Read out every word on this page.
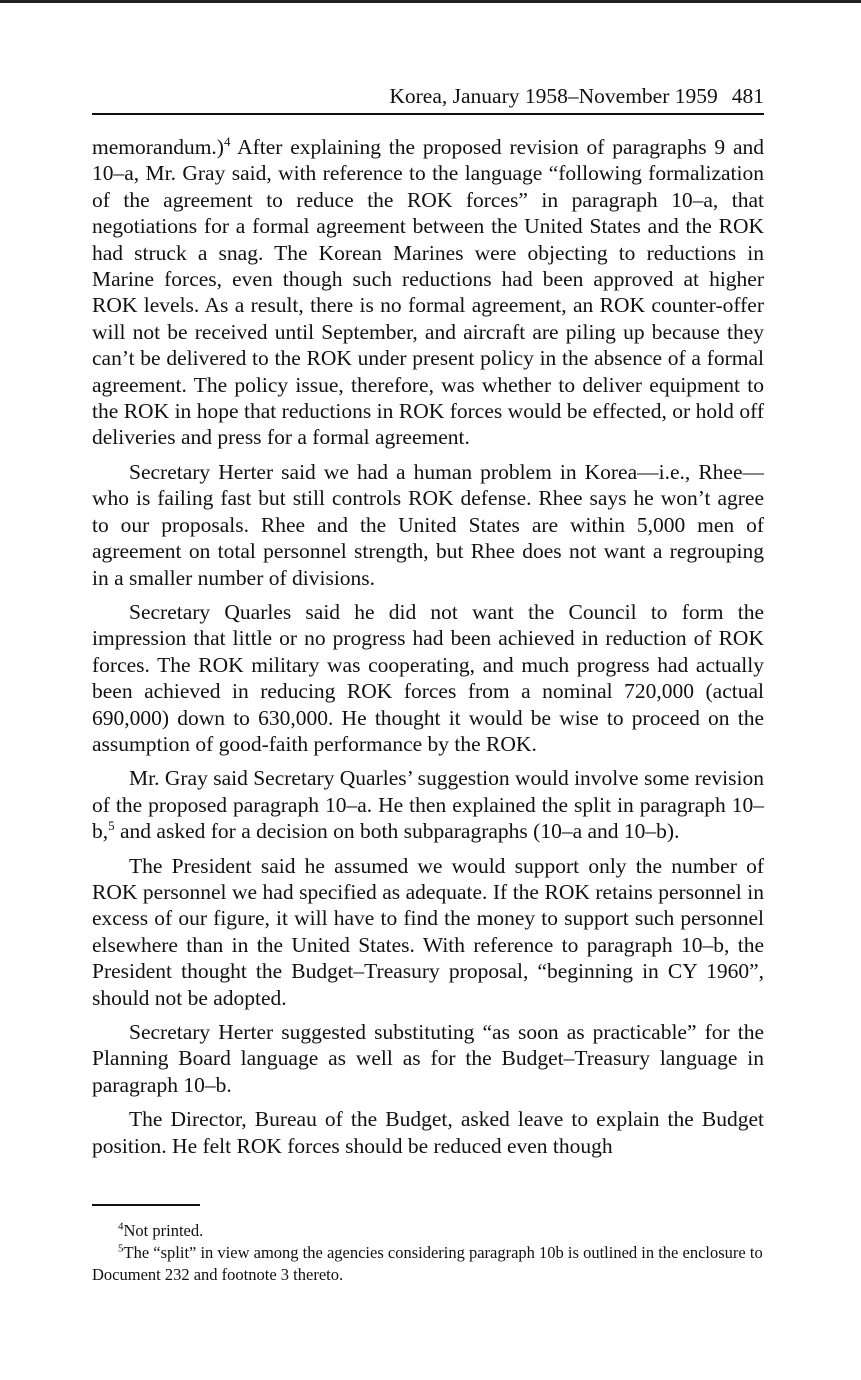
Korea, January 1958–November 1959 481

memorandum.)$^4$ After explaining the proposed revision of paragraphs 9 and 10–a, Mr. Gray said, with reference to the language “following formalization of the agreement to reduce the ROK forces” in paragraph 10–a, that negotiations for a formal agreement between the United States and the ROK had struck a snag. The Korean Marines were objecting to reductions in Marine forces, even though such reductions had been approved at higher ROK levels. As a result, there is no formal agreement, an ROK counter-offer will not be received until September, and aircraft are piling up because they can’t be delivered to the ROK under present policy in the absence of a formal agreement. The policy issue, therefore, was whether to deliver equipment to the ROK in hope that reductions in ROK forces would be effected, or hold off deliveries and press for a formal agreement.

Secretary Herter said we had a human problem in Korea—i.e., Rhee—who is failing fast but still controls ROK defense. Rhee says he won’t agree to our proposals. Rhee and the United States are within 5,000 men of agreement on total personnel strength, but Rhee does not want a regrouping in a smaller number of divisions.

Secretary Quarles said he did not want the Council to form the impression that little or no progress had been achieved in reduction of ROK forces. The ROK military was cooperating, and much progress had actually been achieved in reducing ROK forces from a nominal 720,000 (actual 690,000) down to 630,000. He thought it would be wise to proceed on the assumption of good-faith performance by the ROK.

Mr. Gray said Secretary Quarles’ suggestion would involve some revision of the proposed paragraph 10–a. He then explained the split in paragraph 10–b,$^5$ and asked for a decision on both subparagraphs (10–a and 10–b).

The President said he assumed we would support only the number of ROK personnel we had specified as adequate. If the ROK retains personnel in excess of our figure, it will have to find the money to support such personnel elsewhere than in the United States. With reference to paragraph 10–b, the President thought the Budget–Treasury proposal, “beginning in CY 1960”, should not be adopted.

Secretary Herter suggested substituting “as soon as practicable” for the Planning Board language as well as for the Budget–Treasury language in paragraph 10–b.

The Director, Bureau of the Budget, asked leave to explain the Budget position. He felt ROK forces should be reduced even though

$^4$Not printed.

$^5$The “split” in view among the agencies considering paragraph 10b is outlined in the enclosure to Document 232 and footnote 3 thereto.
